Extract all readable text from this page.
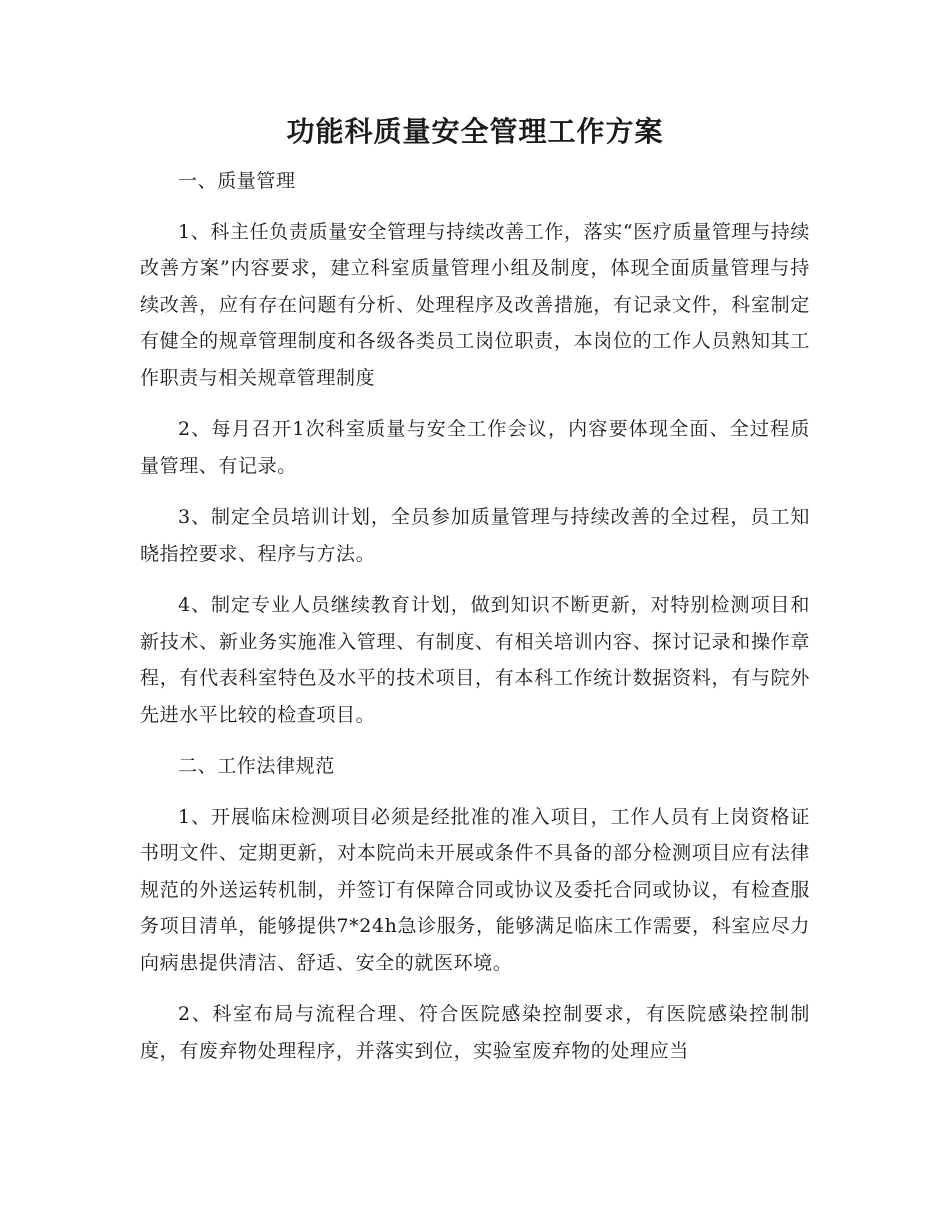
功能科质量安全管理工作方案

一、质量管理

1、科主任负责质量安全管理与持续改善工作，落实“医疗质量管理与持续改善方案”内容要求，建立科室质量管理小组及制度，体现全面质量管理与持续改善，应有存在问题有分析、处理程序及改善措施，有记录文件，科室制定有健全的规章管理制度和各级各类员工岗位职责，本岗位的工作人员熟知其工作职责与相关规章管理制度

2、每月召开1次科室质量与安全工作会议，内容要体现全面、全过程质量管理、有记录。

3、制定全员培训计划，全员参加质量管理与持续改善的全过程，员工知晓指控要求、程序与方法。

4、制定专业人员继续教育计划，做到知识不断更新，对特别检测项目和新技术、新业务实施准入管理、有制度、有相关培训内容、探讨记录和操作章程，有代表科室特色及水平的技术项目，有本科工作统计数据资料，有与院外先进水平比较的检查项目。

二、工作法律规范

1、开展临床检测项目必须是经批准的准入项目，工作人员有上岗资格证书明文件、定期更新，对本院尚未开展或条件不具备的部分检测项目应有法律规范的外送运转机制，并签订有保障合同或协议及委托合同或协议，有检查服务项目清单，能够提供7*24h急诊服务，能够满足临床工作需要，科室应尽力向病患提供清洁、舒适、安全的就医环境。

2、科室布局与流程合理、符合医院感染控制要求，有医院感染控制制度，有废弃物处理程序，并落实到位，实验室废弃物的处理应当
